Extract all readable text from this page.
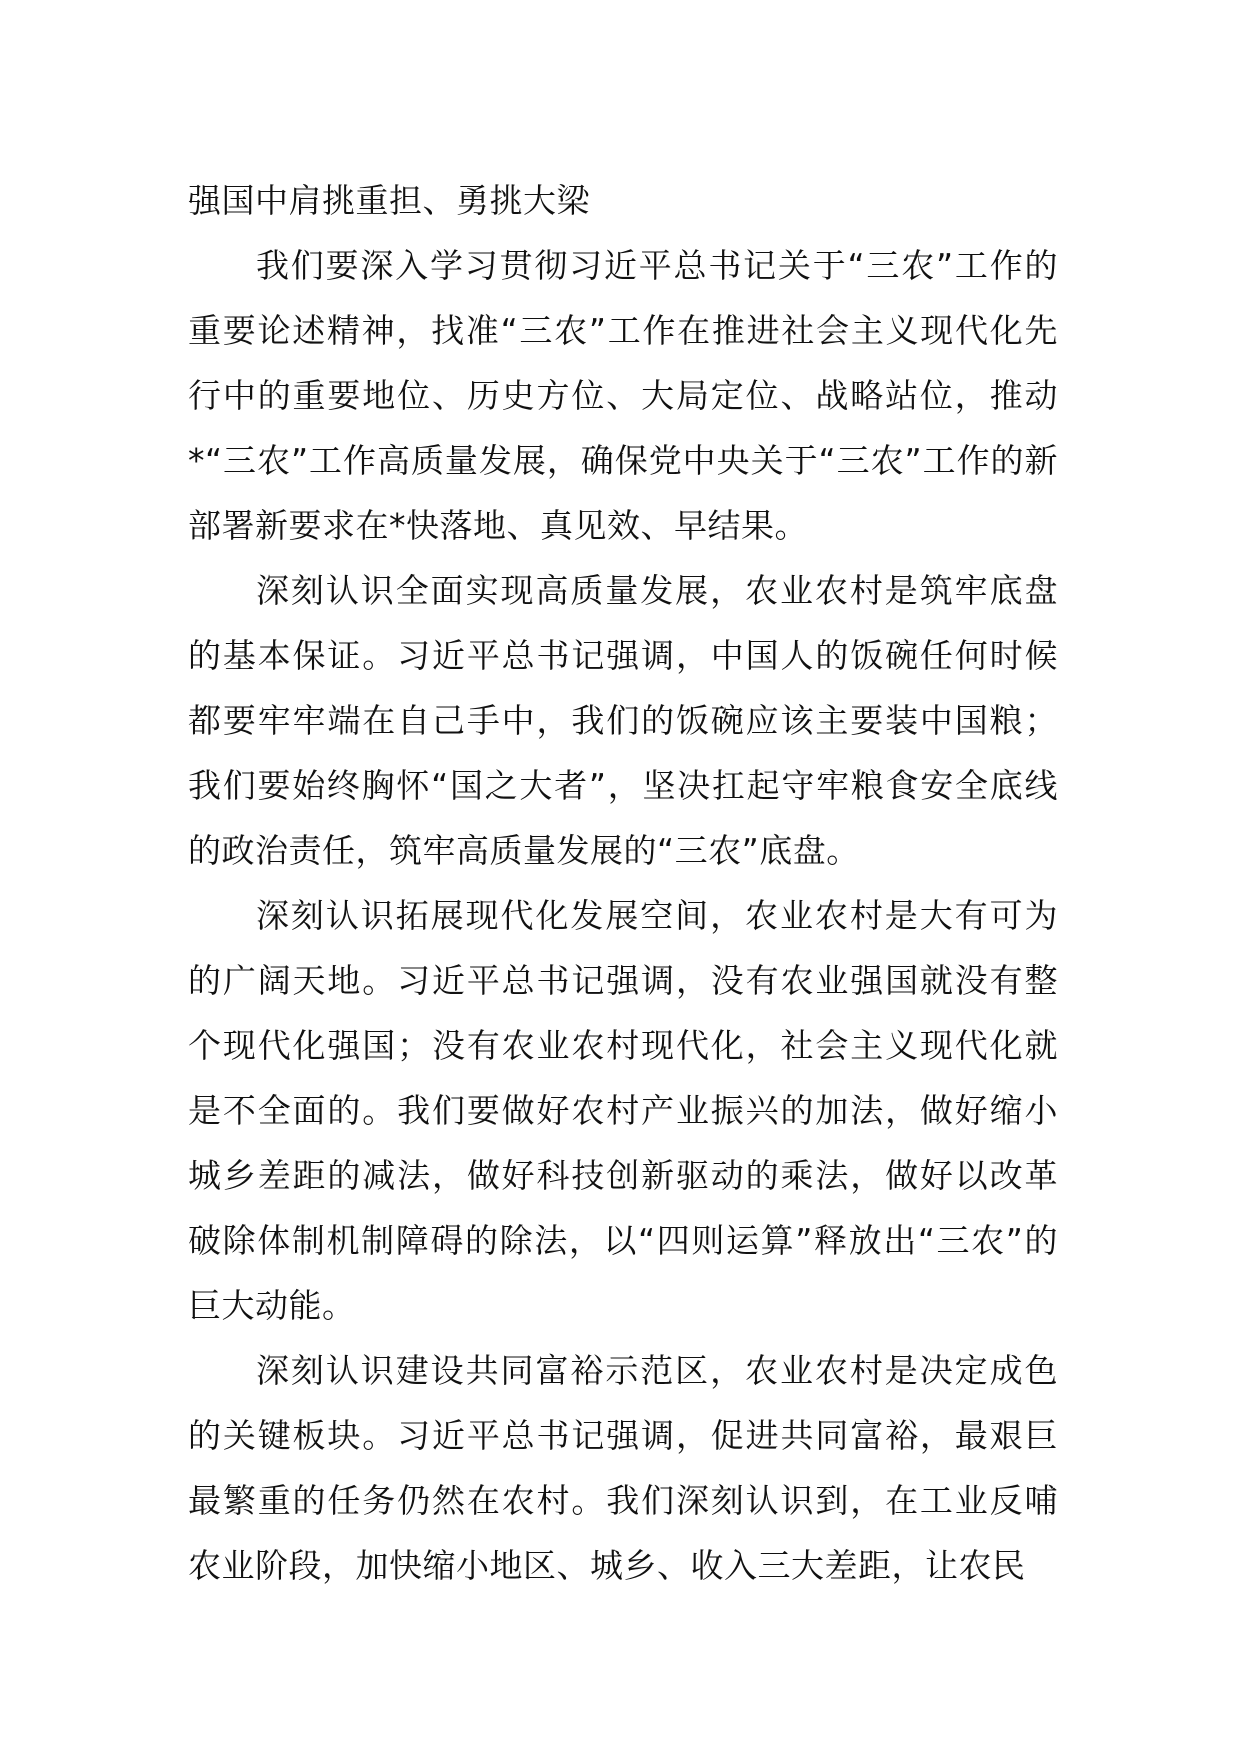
强国中肩挑重担、勇挑大梁

我们要深入学习贯彻习近平总书记关于“三农”工作的重要论述精神，找准“三农”工作在推进社会主义现代化先行中的重要地位、历史方位、大局定位、战略站位，推动*“三农”工作高质量发展，确保党中央关于“三农”工作的新部署新要求在*快落地、真见效、早结果。

深刻认识全面实现高质量发展，农业农村是筑牢底盘的基本保证。习近平总书记强调，中国人的饭碗任何时候都要牢牢端在自己手中，我们的饭碗应该主要装中国粮；我们要始终胸怀“国之大者”，坚决扛起守牢粮食安全底线的政治责任，筑牢高质量发展的“三农”底盘。

深刻认识拓展现代化发展空间，农业农村是大有可为的广阔天地。习近平总书记强调，没有农业强国就没有整个现代化强国；没有农业农村现代化，社会主义现代化就是不全面的。我们要做好农村产业振兴的加法，做好缩小城乡差距的减法，做好科技创新驱动的乘法，做好以改革破除体制机制障碍的除法，以“四则运算”释放出“三农”的巨大动能。

深刻认识建设共同富裕示范区，农业农村是决定成色的关键板块。习近平总书记强调，促进共同富裕，最艰巨最繁重的任务仍然在农村。我们深刻认识到，在工业反哺农业阶段，加快缩小地区、城乡、收入三大差距，让农民
